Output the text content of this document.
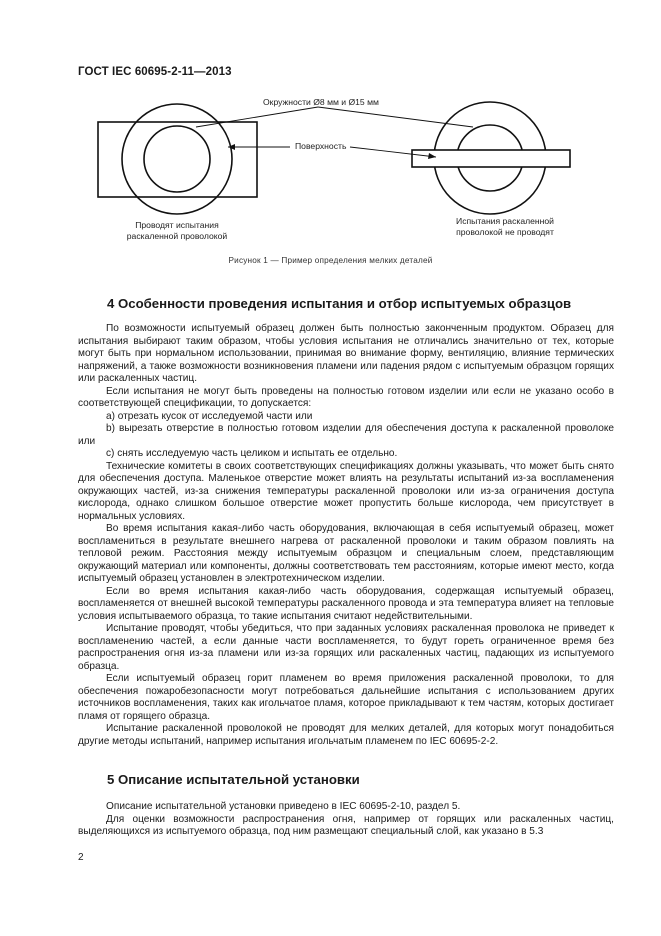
ГОСТ IEC 60695-2-11—2013
Окружности Ø8 мм и Ø15 мм
Поверхность
Проводят испытания
раскаленной проволокой
Испытания раскаленной
проволокой не проводят
Рисунок 1 — Пример определения мелких деталей
4 Особенности проведения испытания и отбор испытуемых образцов

По возможности испытуемый образец должен быть полностью законченным продуктом. Образец для испытания выбирают таким образом, чтобы условия испытания не отличались значительно от тех, которые могут быть при нормальном использовании, принимая во внимание форму, вентиляцию, влияние термических напряжений, а также возможности возникновения пламени или падения рядом с испытуемым образцом горящих или раскаленных частиц.

Если испытания не могут быть проведены на полностью готовом изделии или если не указано особо в соответствующей спецификации, то допускается:

a) отрезать кусок от исследуемой части или

b) вырезать отверстие в полностью готовом изделии для обеспечения доступа к раскаленной проволоке или

c) снять исследуемую часть целиком и испытать ее отдельно.

Технические комитеты в своих соответствующих спецификациях должны указывать, что может быть снято для обеспечения доступа. Маленькое отверстие может влиять на результаты испытаний из-за воспламенения окружающих частей, из-за снижения температуры раскаленной проволоки или из-за ограничения доступа кислорода, однако слишком большое отверстие может пропустить больше кислорода, чем присутствует в нормальных условиях.

Во время испытания какая-либо часть оборудования, включающая в себя испытуемый образец, может воспламениться в результате внешнего нагрева от раскаленной проволоки и таким образом повлиять на тепловой режим. Расстояния между испытуемым образцом и специальным слоем, представляющим окружающий материал или компоненты, должны соответствовать тем расстояниям, которые имеют место, когда испытуемый образец установлен в электротехническом изделии.

Если во время испытания какая-либо часть оборудования, содержащая испытуемый образец, воспламеняется от внешней высокой температуры раскаленного провода и эта температура влияет на тепловые условия испытываемого образца, то такие испытания считают недействительными.

Испытание проводят, чтобы убедиться, что при заданных условиях раскаленная проволока не приведет к воспламенению частей, а если данные части воспламеняется, то будут гореть ограниченное время без распространения огня из-за пламени или из-за горящих или раскаленных частиц, падающих из испытуемого образца.

Если испытуемый образец горит пламенем во время приложения раскаленной проволоки, то для обеспечения пожаробезопасности могут потребоваться дальнейшие испытания с использованием других источников воспламенения, таких как игольчатое пламя, которое прикладывают к тем частям, которых достигает пламя от горящего образца.

Испытание раскаленной проволокой не проводят для мелких деталей, для которых могут понадобиться другие методы испытаний, например испытания игольчатым пламенем по IEC 60695-2-2.

5 Описание испытательной установки

Описание испытательной установки приведено в IEC 60695-2-10, раздел 5.

Для оценки возможности распространения огня, например от горящих или раскаленных частиц, выделяющихся из испытуемого образца, под ним размещают специальный слой, как указано в 5.3

2
